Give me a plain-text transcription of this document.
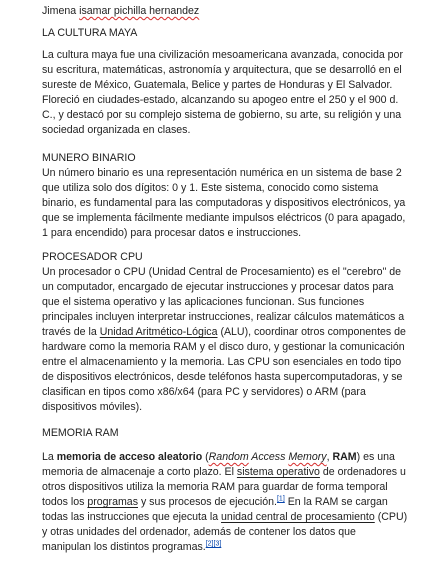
Jimena isamar pichilla hernandez
LA CULTURA MAYA
La cultura maya fue una civilización mesoamericana avanzada, conocida por
su escritura, matemáticas, astronomía y arquitectura, que se desarrolló en el
sureste de México, Guatemala, Belice y partes de Honduras y El Salvador.
Floreció en ciudades-estado, alcanzando su apogeo entre el 250 y el 900 d.
C., y destacó por su complejo sistema de gobierno, su arte, su religión y una
sociedad organizada en clases.
MUNERO BINARIO
Un número binario es una representación numérica en un sistema de base 2
que utiliza solo dos dígitos: 0 y 1. Este sistema, conocido como sistema
binario, es fundamental para las computadoras y dispositivos electrónicos, ya
que se implementa fácilmente mediante impulsos eléctricos (0 para apagado,
1 para encendido) para procesar datos e instrucciones.
PROCESADOR CPU
Un procesador o CPU (Unidad Central de Procesamiento) es el "cerebro" de
un computador, encargado de ejecutar instrucciones y procesar datos para
que el sistema operativo y las aplicaciones funcionan. Sus funciones
principales incluyen interpretar instrucciones, realizar cálculos matemáticos a
través de la Unidad Aritmético-Lógica (ALU), coordinar otros componentes de
hardware como la memoria RAM y el disco duro, y gestionar la comunicación
entre el almacenamiento y la memoria. Las CPU son esenciales en todo tipo
de dispositivos electrónicos, desde teléfonos hasta supercomputadoras, y se
clasifican en tipos como x86/x64 (para PC y servidores) o ARM (para
dispositivos móviles).
MEMORIA RAM
La memoria de acceso aleatorio (Random Access Memory, RAM) es una
memoria de almacenaje a corto plazo. El sistema operativo de ordenadores u
otros dispositivos utiliza la memoria RAM para guardar de forma temporal
todos los programas y sus procesos de ejecución.[1] En la RAM se cargan
todas las instrucciones que ejecuta la unidad central de procesamiento (CPU)
y otras unidades del ordenador, además de contener los datos que
manipulan los distintos programas.[2][3]
